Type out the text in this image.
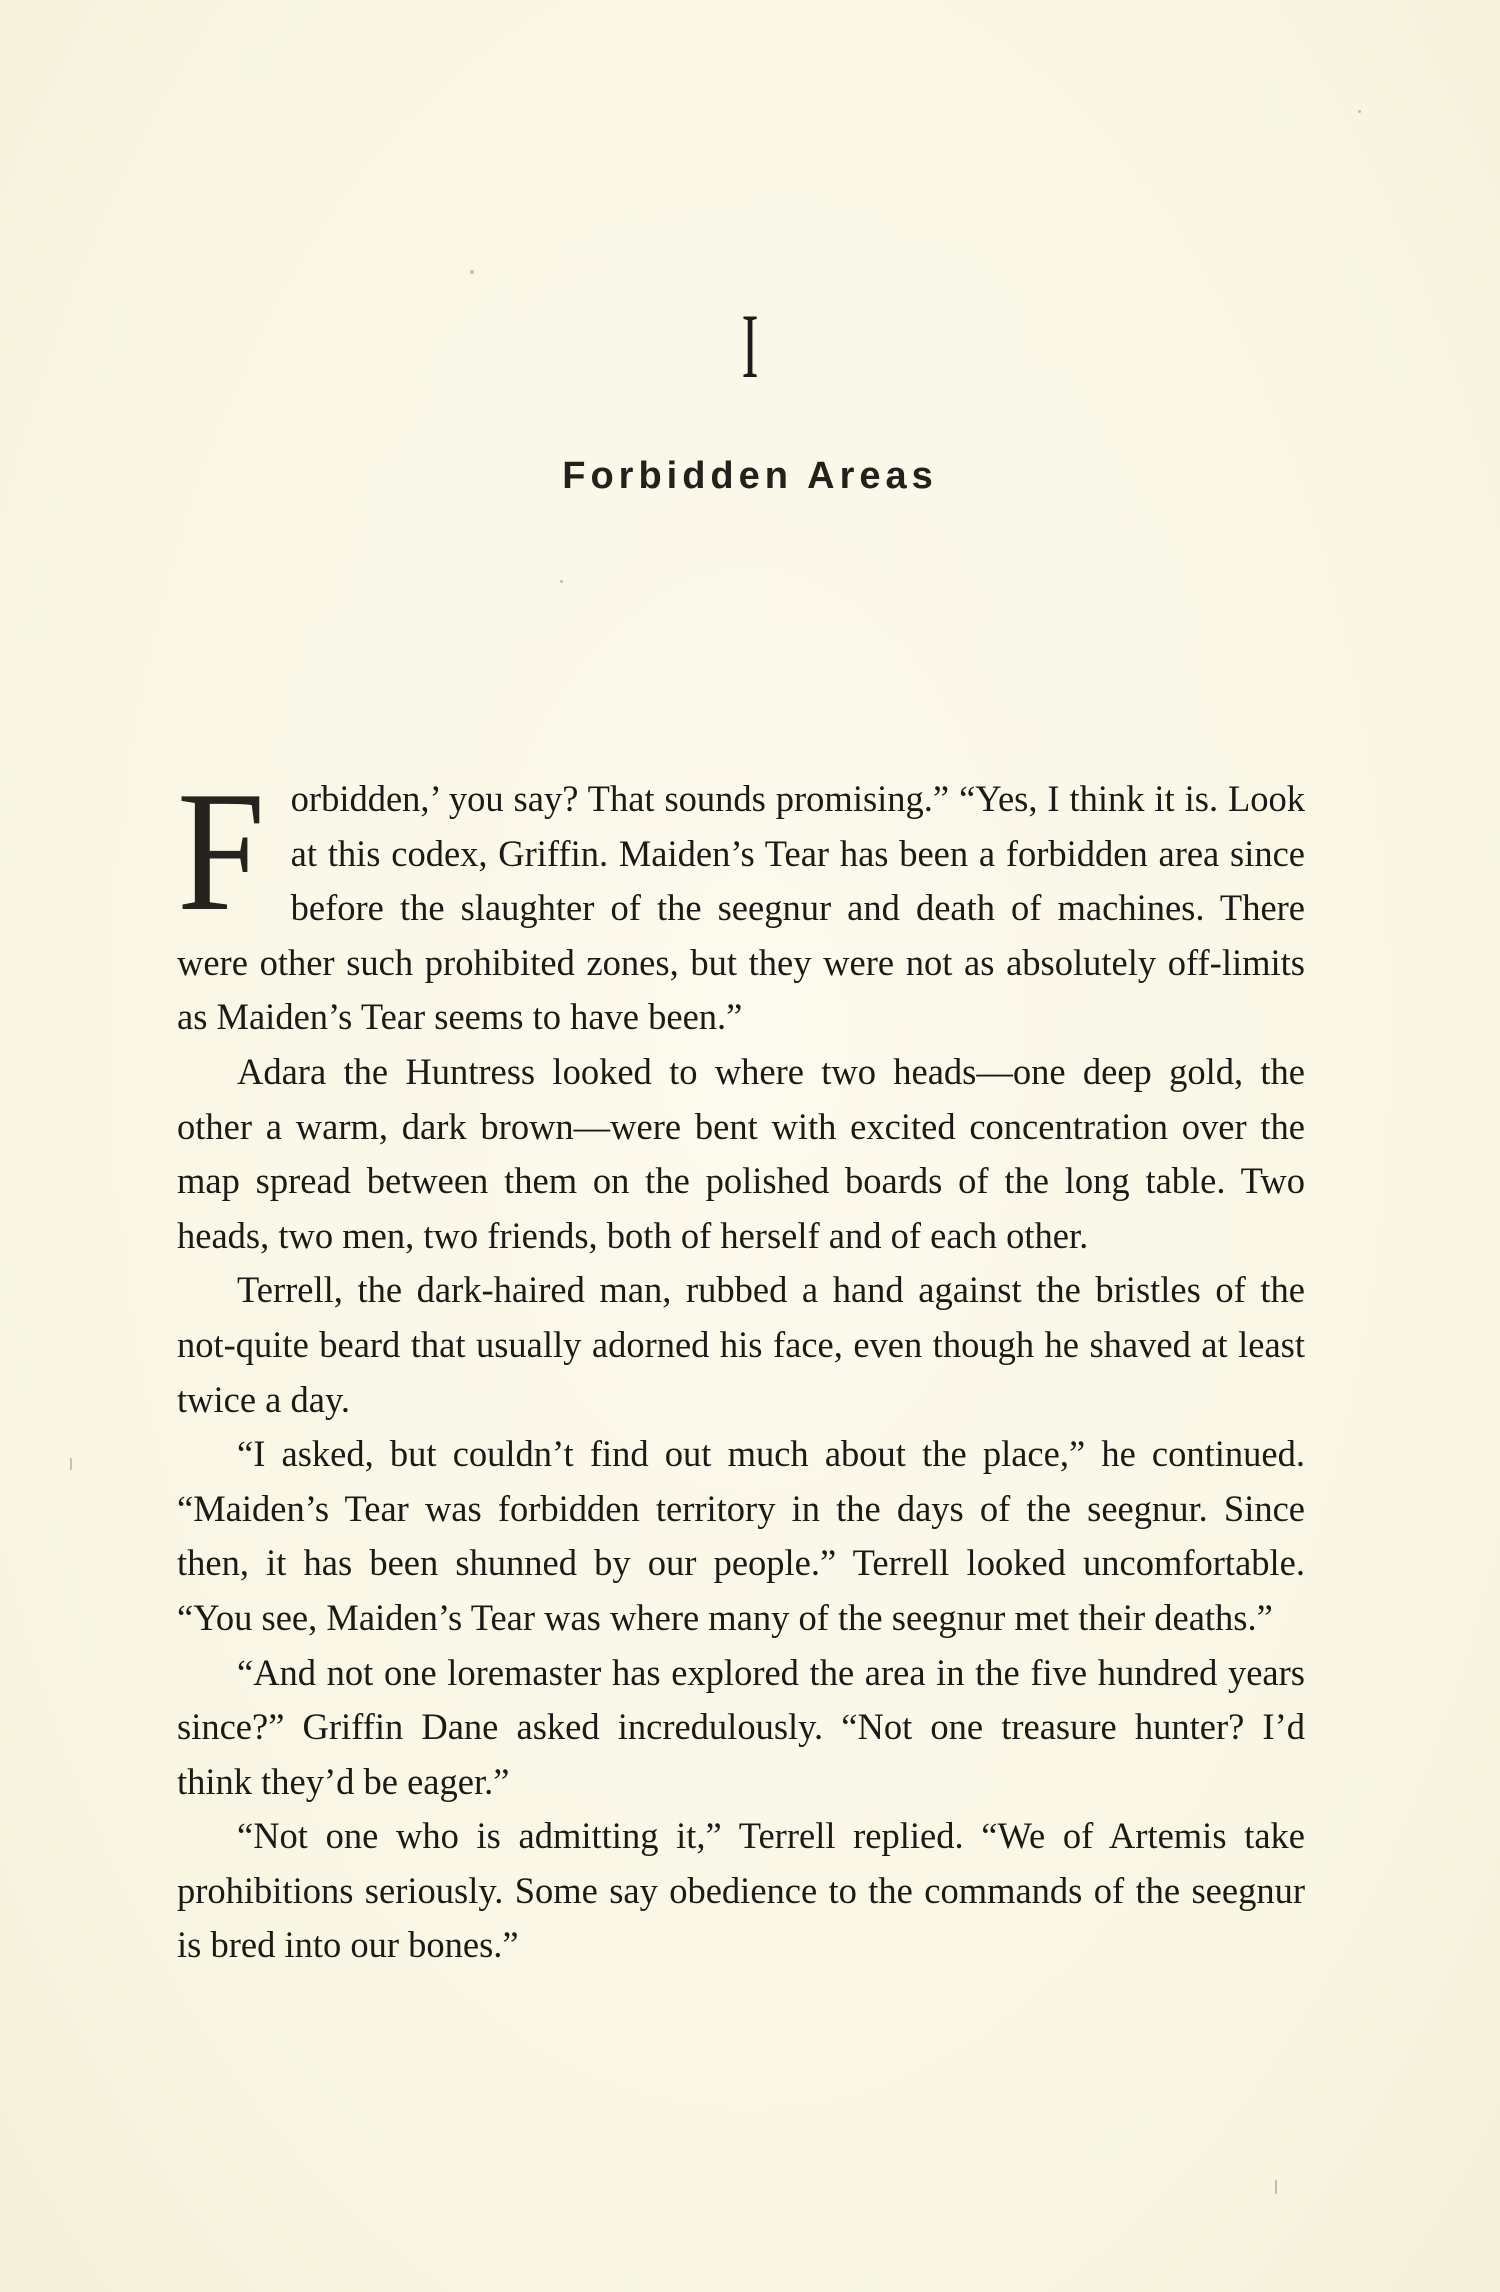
I
Forbidden Areas

Forbidden,’ you say? That sounds promising.” “Yes, I think it is. Look at this codex, Griffin. Maiden’s Tear has been a forbidden area since before the slaughter of the seegnur and death of machines. There were other such prohibited zones, but they were not as absolutely off-limits as Maiden’s Tear seems to have been.”

Adara the Huntress looked to where two heads—one deep gold, the other a warm, dark brown—were bent with excited concentration over the map spread between them on the polished boards of the long table. Two heads, two men, two friends, both of herself and of each other.

Terrell, the dark-haired man, rubbed a hand against the bristles of the not-quite beard that usually adorned his face, even though he shaved at least twice a day.

“I asked, but couldn’t find out much about the place,” he continued. “Maiden’s Tear was forbidden territory in the days of the seegnur. Since then, it has been shunned by our people.” Terrell looked uncomfortable. “You see, Maiden’s Tear was where many of the seegnur met their deaths.”

“And not one loremaster has explored the area in the five hundred years since?” Griffin Dane asked incredulously. “Not one treasure hunter? I’d think they’d be eager.”

“Not one who is admitting it,” Terrell replied. “We of Artemis take prohibitions seriously. Some say obedience to the commands of the seegnur is bred into our bones.”
